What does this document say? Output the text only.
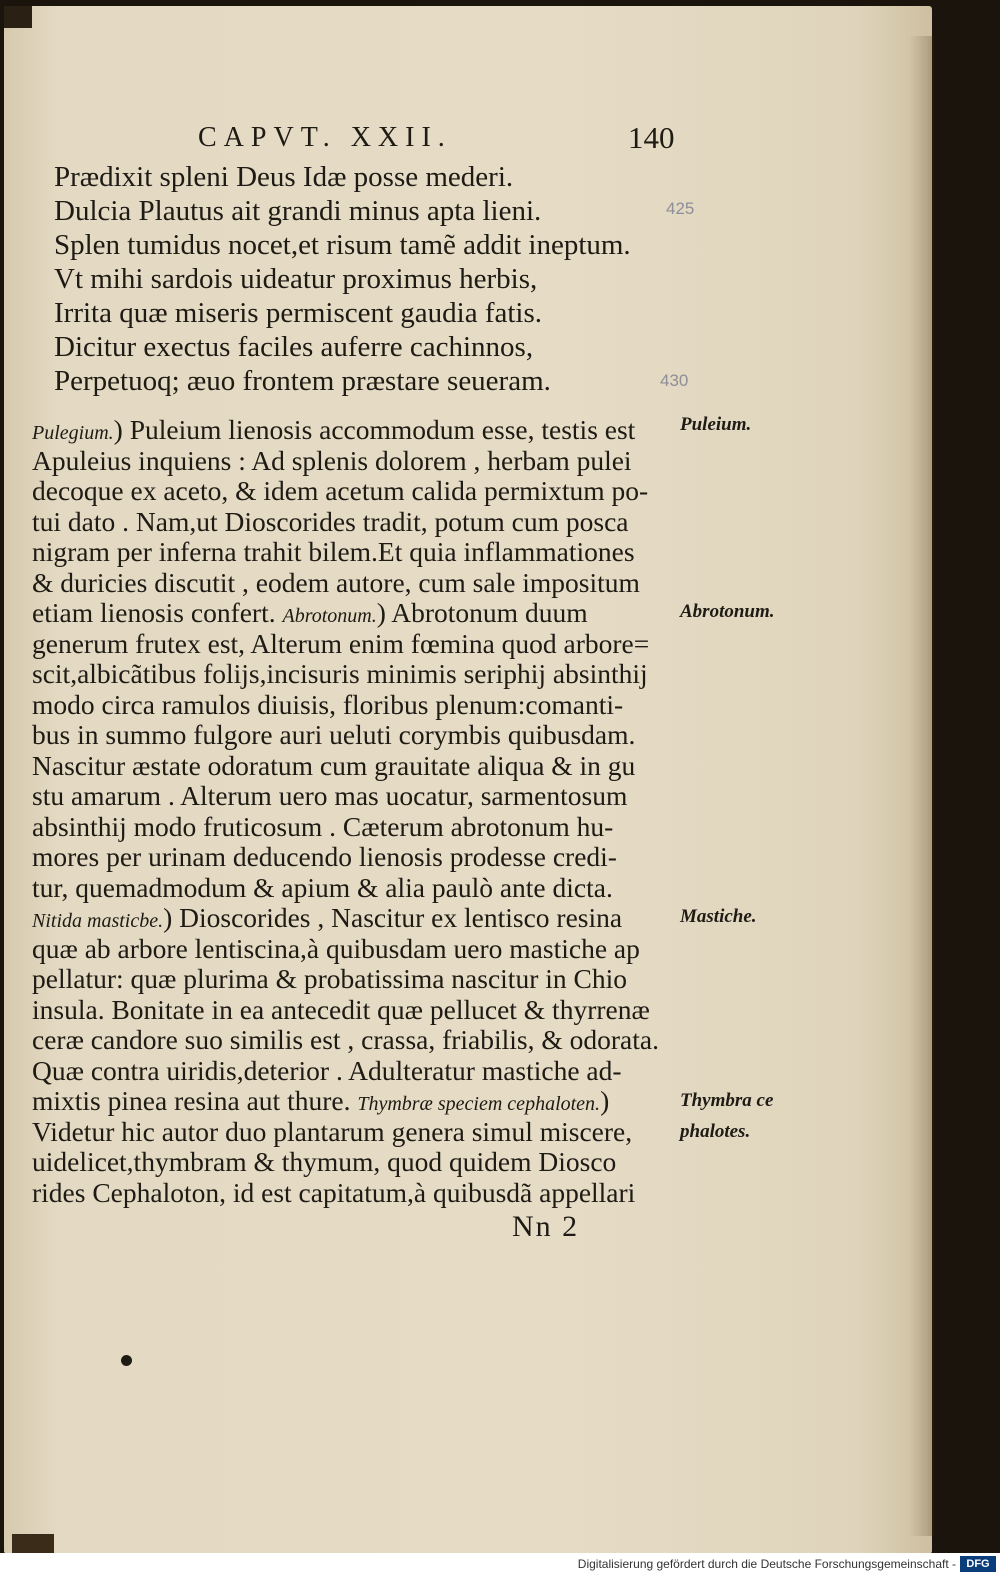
CAPVT. XXII.	140
Prædixit spleni Deus Idæ posse mederi.
Dulcia Plautus ait grandi minus apta lieni.
Splen tumidus nocet,et risum tamẽ addit ineptum.
Vt mihi sardois uideatur proximus herbis,
Irrita quæ miseris permiscent gaudia fatis.
Dicitur exectus faciles auferre cachinnos,
Perpetuoq; æuo frontem præstare seueram.
425
430
Pulegium.) Puleium lienosis accommodum esse, testis est
Apuleius inquiens : Ad splenis dolorem , herbam pulei
decoque ex aceto, & idem acetum calida permixtum po-
tui dato . Nam,ut Dioscorides tradit, potum cum posca
nigram per inferna trahit bilem.Et quia inflammationes
& duricies discutit , eodem autore, cum sale impositum
etiam lienosis confert. Abrotonum.) Abrotonum duum
generum frutex est, Alterum enim fœmina quod arbore=
scit,albicãtibus folijs,incisuris minimis seriphij absinthij
modo circa ramulos diuisis, floribus plenum:comanti-
bus in summo fulgore auri ueluti corymbis quibusdam.
Nascitur æstate odoratum cum grauitate aliqua & in gu
stu amarum . Alterum uero mas uocatur, sarmentosum
absinthij modo fruticosum . Cæterum abrotonum hu-
mores per urinam deducendo lienosis prodesse credi-
tur, quemadmodum & apium & alia paulò ante dicta.
Nitida masticbe.) Dioscorides , Nascitur ex lentisco resina
quæ ab arbore lentiscina,à quibusdam uero mastiche ap
pellatur: quæ plurima & probatissima nascitur in Chio
insula. Bonitate in ea antecedit quæ pellucet & thyrrenæ
ceræ candore suo similis est , crassa, friabilis, & odorata.
Quæ contra uiridis,deterior . Adulteratur mastiche ad-
mixtis pinea resina aut thure. Thymbræ speciem cephaloten.)
Videtur hic autor duo plantarum genera simul miscere,
uidelicet,thymbram & thymum, quod quidem Diosco
rides Cephaloton, id est capitatum,à quibusdã appellari
Puleium.
Abrotonum.
Mastiche.
Thymbra ce
phalotes.
Nn 2
Digitalisierung gefördert durch die Deutsche Forschungsgemeinschaft - DFG
